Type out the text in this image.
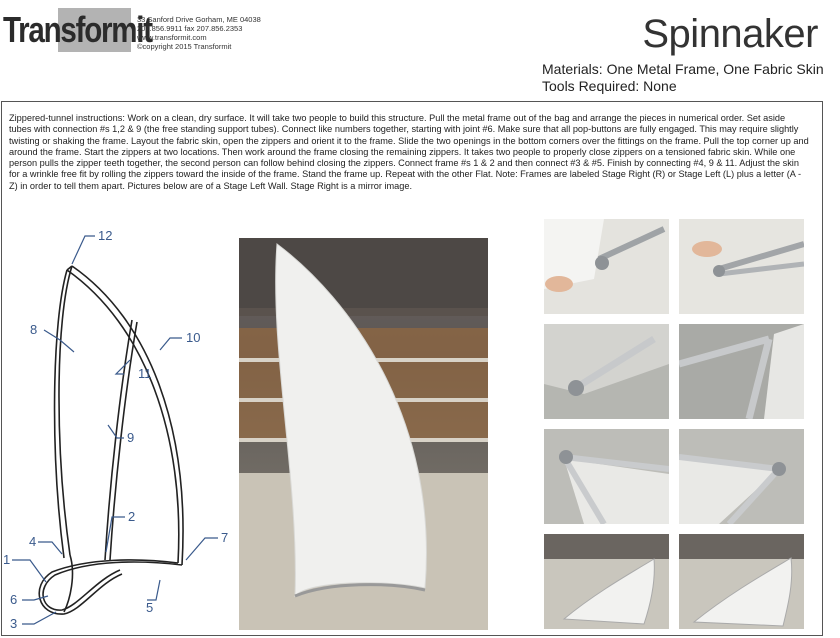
Transformit
33 Sanford Drive Gorham, ME 04038
207.856.9911 fax 207.856.2353
www.transformit.com
©copyright 2015 Transformit	Spinnaker
Materials: One Metal Frame, One Fabric Skin
Tools Required: None
Zippered-tunnel instructions: Work on a clean, dry surface. It will take two people to build this structure. Pull the metal frame out of the bag and arrange the pieces in numerical order. Set aside tubes with connection #s 1,2 & 9 (the free standing support tubes). Connect like numbers together, starting with joint #6. Make sure that all pop-buttons are fully engaged. This may require slightly twisting or shaking the frame. Layout the fabric skin, open the zippers and orient it to the frame. Slide the two openings in the bottom corners over the fittings on the frame. Pull the top corner up and around the frame. Start the zippers at two locations. Then work around the frame closing the remaining zippers. It takes two people to properly close zippers on a tensioned fabric skin. While one person pulls the zipper teeth together, the second person can follow behind closing the zippers. Connect frame #s 1 & 2 and then connect #3 & #5. Finish by connecting #4, 9 & 11. Adjust the skin for a wrinkle free fit by rolling the zippers toward the inside of the frame. Stand the frame up. Repeat with the other Flat. Note: Frames are labeled Stage Right (R) or Stage Left (L) plus a letter (A - Z) in order to tell them apart. Pictures below are of a Stage Left Wall. Stage Right is a mirror image.
12
8
10
11
9
2
4	7
1
5
6
3
